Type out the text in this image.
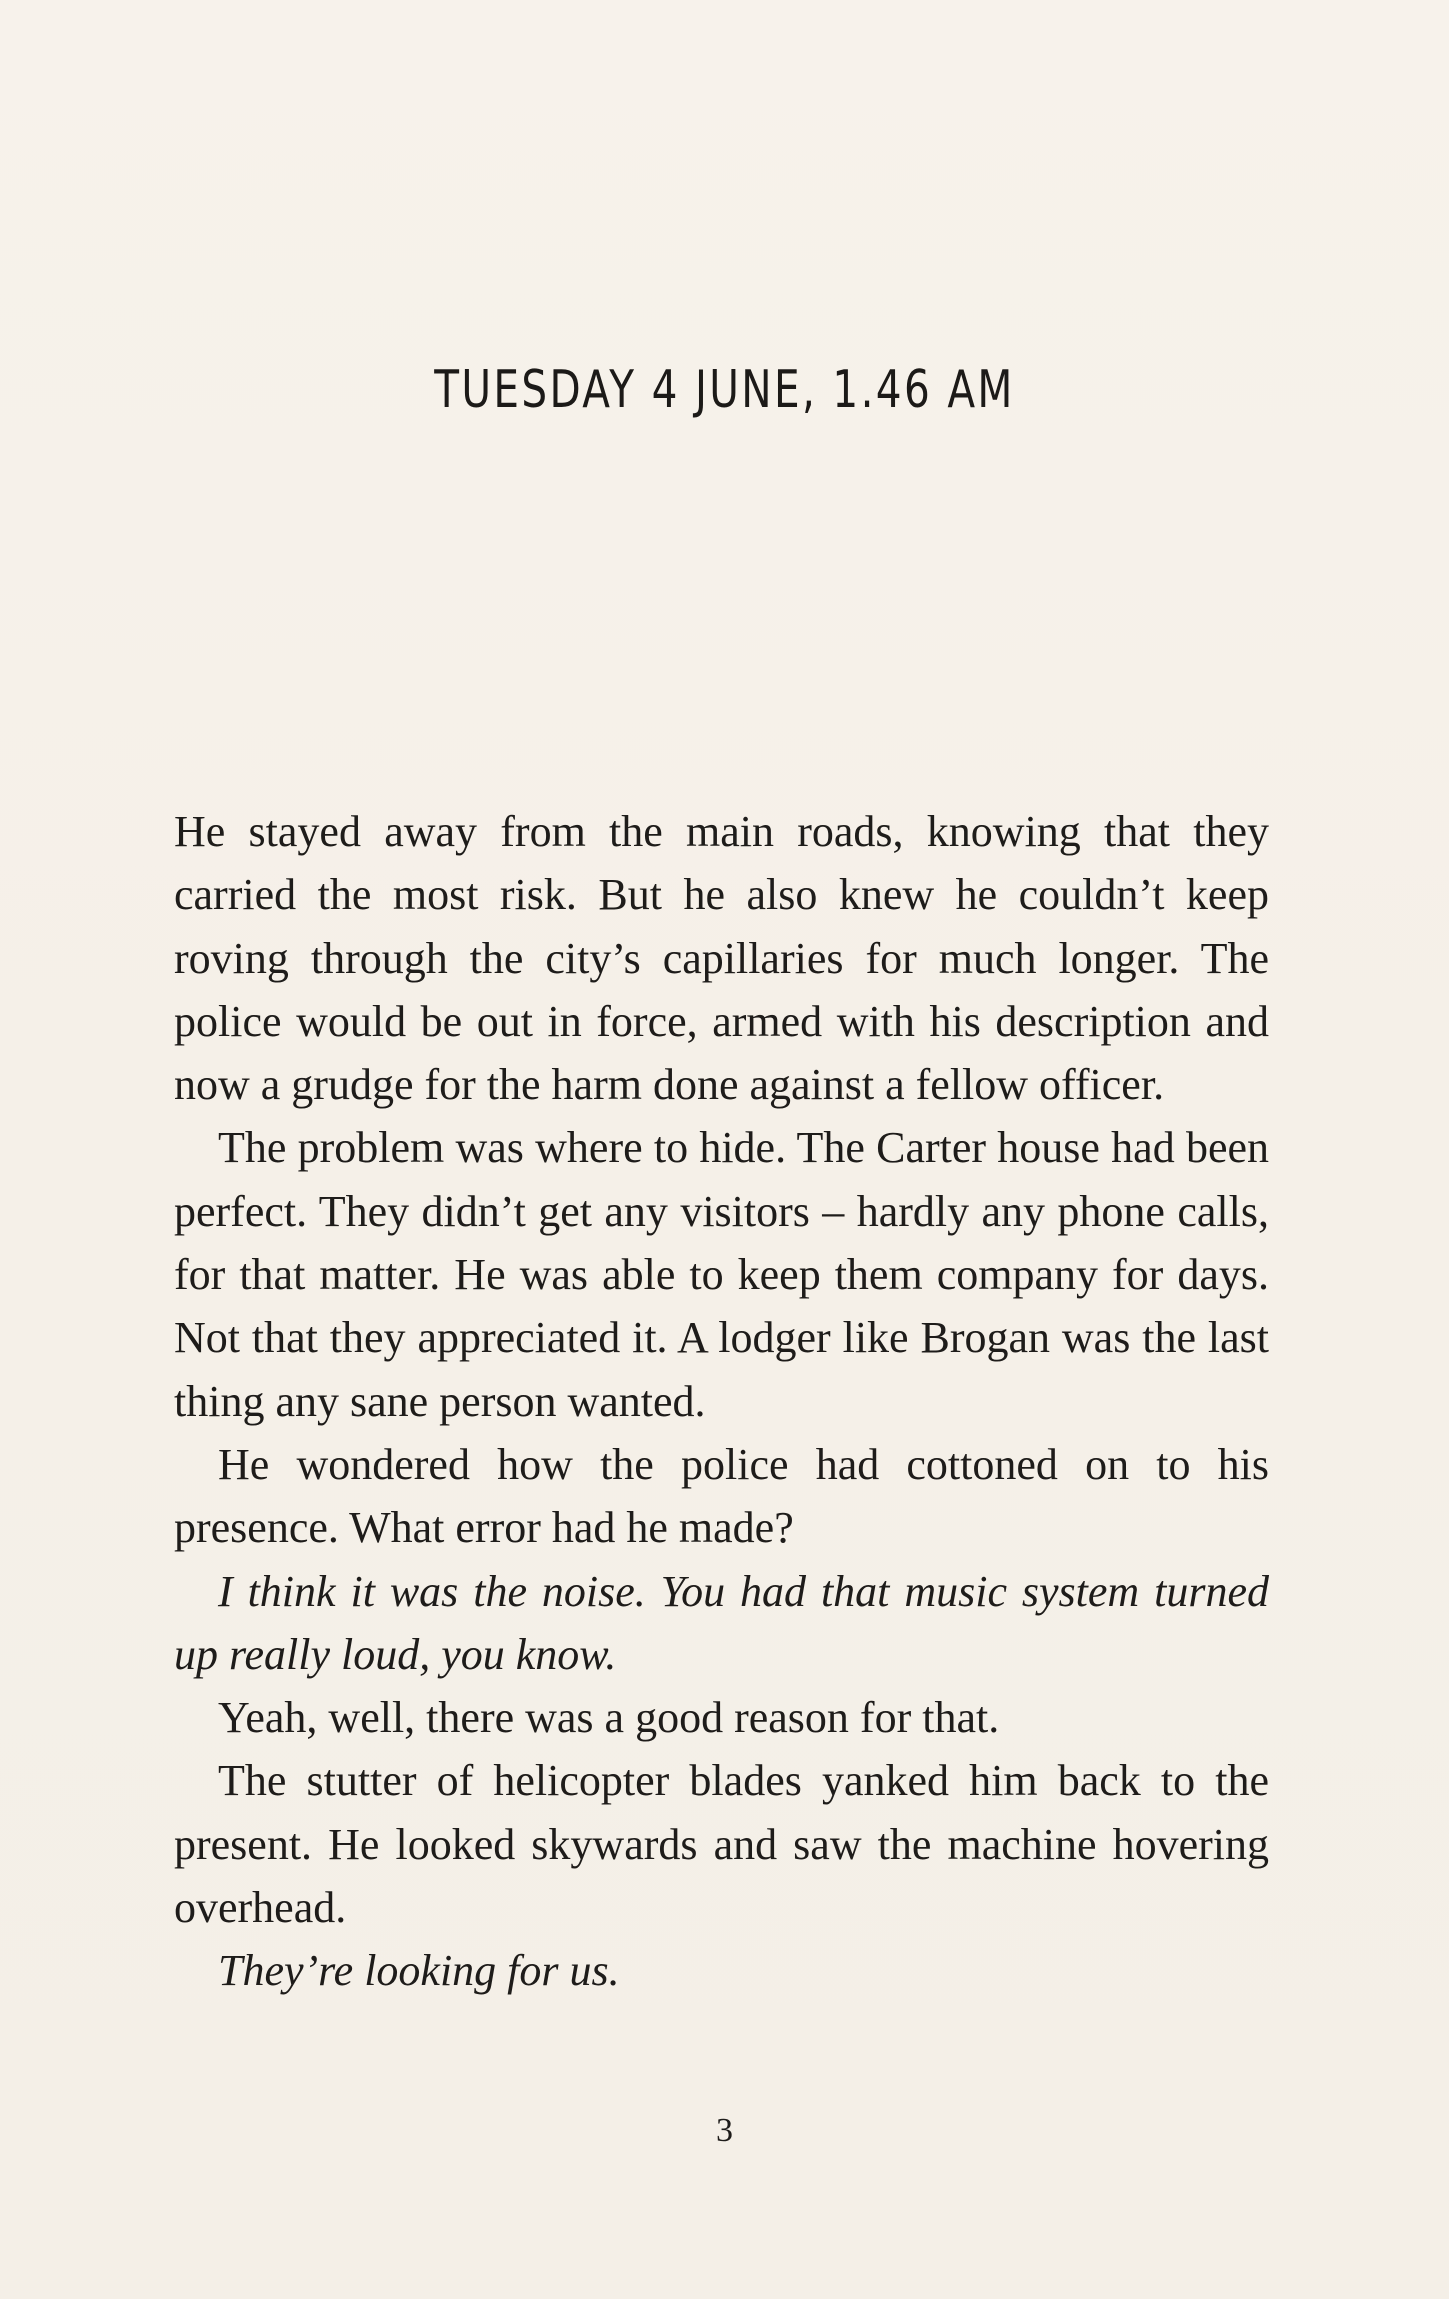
TUESDAY 4 JUNE, 1.46 AM

He stayed away from the main roads, knowing that they carried the most risk. But he also knew he couldn’t keep roving through the city’s capillaries for much longer. The police would be out in force, armed with his description and now a grudge for the harm done against a fellow officer.

The problem was where to hide. The Carter house had been perfect. They didn’t get any visitors – hardly any phone calls, for that matter. He was able to keep them company for days. Not that they appreciated it. A lodger like Brogan was the last thing any sane person wanted.

He wondered how the police had cottoned on to his presence. What error had he made?

I think it was the noise. You had that music system turned up really loud, you know.

Yeah, well, there was a good reason for that.

The stutter of helicopter blades yanked him back to the present. He looked skywards and saw the machine hovering overhead.

They’re looking for us.

3
